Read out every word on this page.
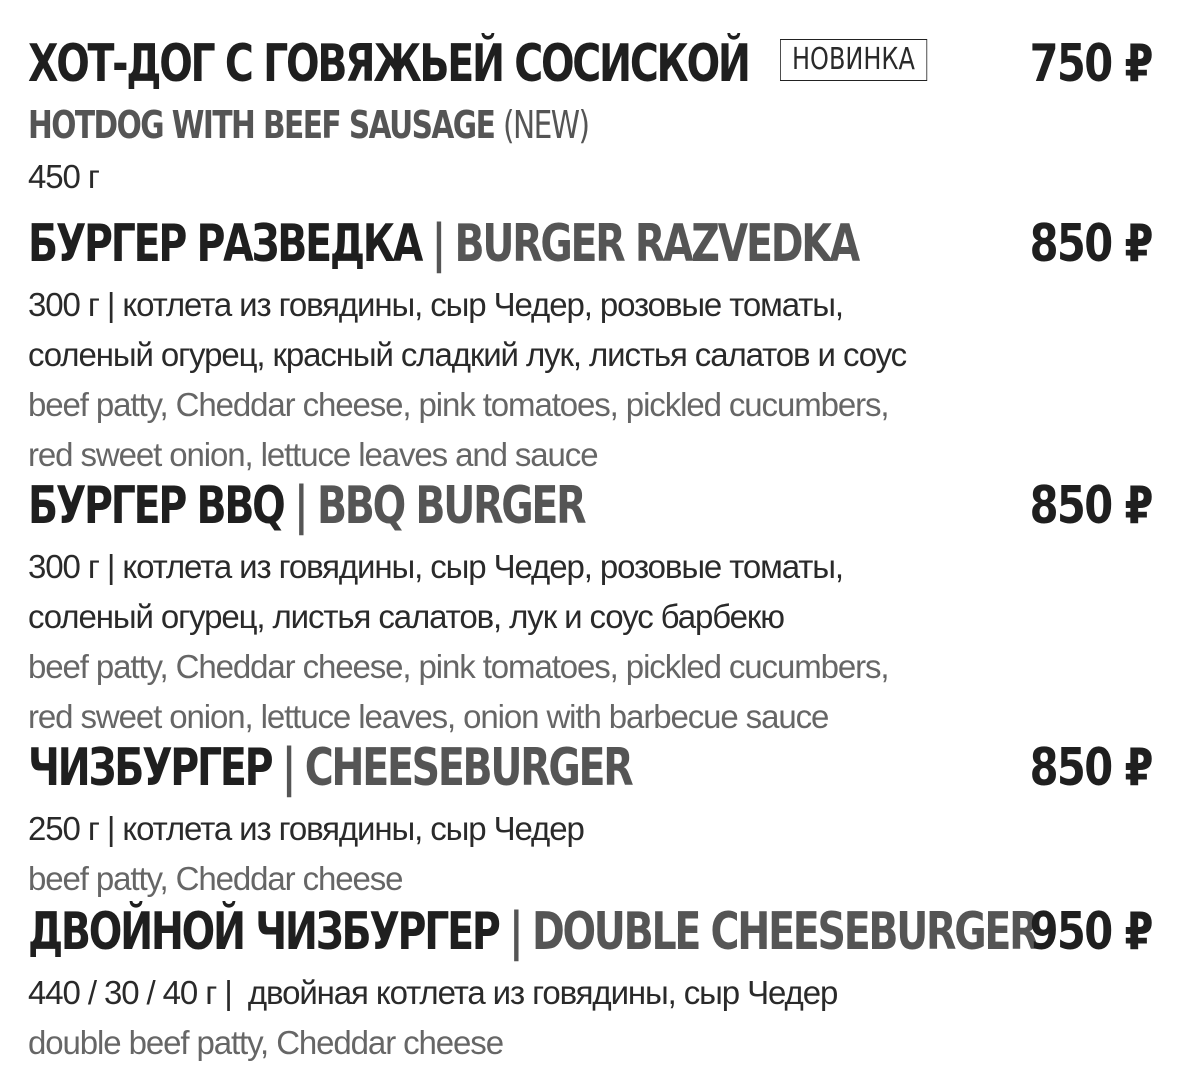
ХОТ-ДОГ С ГОВЯЖЬЕЙ СОСИСКОЙ	НОВИНКА 750 ₽
HOTDOG WITH BEEF SAUSAGE (NEW)
450 г
БУРГЕР РАЗВЕДКА | BURGER RAZVEDKA	850 ₽
300 г | котлета из говядины, сыр Чедер, розовые томаты,
соленый огурец, красный сладкий лук, листья салатов и соус
beef patty, Cheddar cheese, pink tomatoes, pickled cucumbers,
red sweet onion, lettuce leaves and sauce
БУРГЕР BBQ | BBQ BURGER	850 ₽
300 г | котлета из говядины, сыр Чедер, розовые томаты,
соленый огурец, листья салатов, лук и соус барбекю
beef patty, Cheddar cheese, pink tomatoes, pickled cucumbers,
red sweet onion, lettuce leaves, onion with barbecue sauce
ЧИЗБУРГЕР | CHEESEBURGER	850 ₽
250 г | котлета из говядины, сыр Чедер
beef patty, Cheddar cheese
ДВОЙНОЙ ЧИЗБУРГЕР | DOUBLE CHEESEBURGER
950 ₽
440 / 30 / 40 г |  двойная котлета из говядины, сыр Чедер
double beef patty, Cheddar cheese
